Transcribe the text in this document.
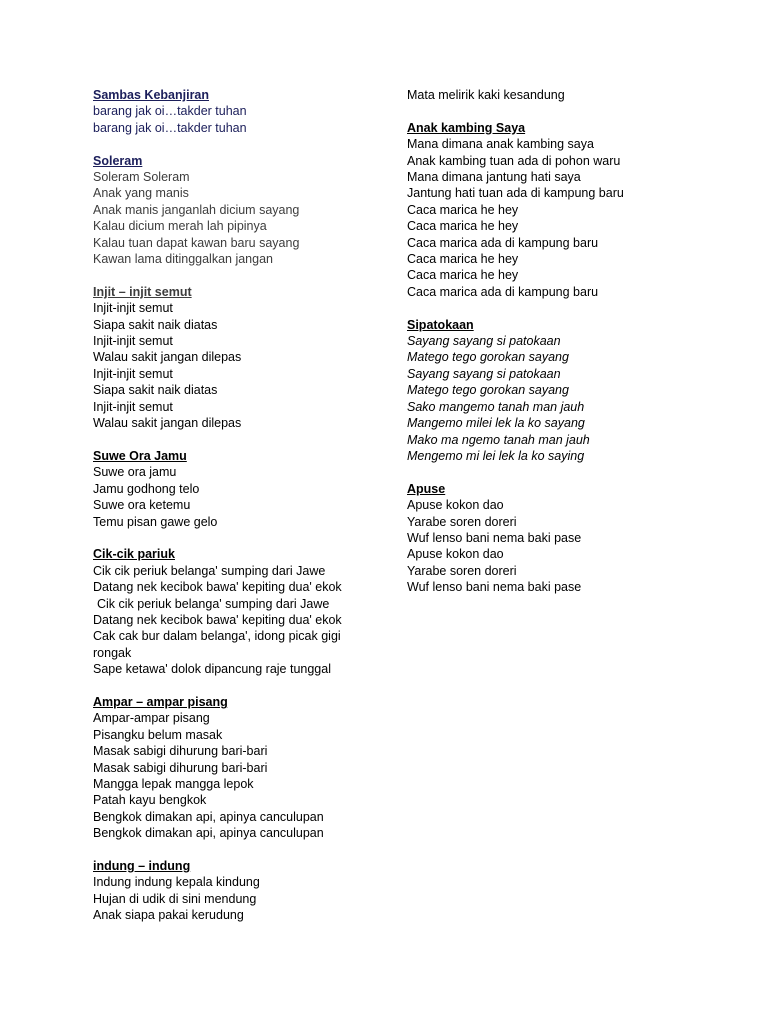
Sambas Kebanjiran
barang jak oi…takder tuhan
barang jak oi…takder tuhan
Soleram
Soleram Soleram
Anak yang manis
Anak manis janganlah dicium sayang
Kalau dicium merah lah pipinya
Kalau tuan dapat kawan baru sayang
Kawan lama ditinggalkan jangan
Injit – injit semut
Injit-injit semut
Siapa sakit naik diatas
Injit-injit semut
Walau sakit jangan dilepas
Injit-injit semut
Siapa sakit naik diatas
Injit-injit semut
Walau sakit jangan dilepas
Suwe Ora Jamu
Suwe ora jamu
Jamu godhong telo
Suwe ora ketemu
Temu pisan gawe gelo
Cik-cik pariuk
Cik cik periuk belanga' sumping dari Jawe
Datang nek kecibok bawa' kepiting dua' ekok
Cik cik periuk belanga' sumping dari Jawe
Datang nek kecibok bawa' kepiting dua' ekok
Cak cak bur dalam belanga', idong picak gigi rongak
Sape ketawa' dolok dipancung raje tunggal
Ampar – ampar pisang
Ampar-ampar pisang
Pisangku belum masak
Masak sabigi dihurung bari-bari
Masak sabigi dihurung bari-bari
Mangga lepak mangga lepok
Patah kayu bengkok
Bengkok dimakan api, apinya canculupan
Bengkok dimakan api, apinya canculupan
indung – indung
Indung indung kepala kindung
Hujan di udik di sini mendung
Anak siapa pakai kerudung
Mata melirik kaki kesandung
Anak kambing Saya
Mana dimana anak kambing saya
Anak kambing tuan ada di pohon waru
Mana dimana jantung hati saya
Jantung hati tuan ada di kampung baru
Caca marica he hey
Caca marica he hey
Caca marica ada di kampung baru
Caca marica he hey
Caca marica he hey
Caca marica ada di kampung baru
Sipatokaan
Sayang sayang si patokaan
Matego tego gorokan sayang
Sayang sayang si patokaan
Matego tego gorokan sayang
Sako mangemo tanah man jauh
Mangemo milei lek la ko sayang
Mako ma ngemo tanah man jauh
Mengemo mi lei lek la ko saying
Apuse
Apuse kokon dao
Yarabe soren doreri
Wuf lenso bani nema baki pase
Apuse kokon dao
Yarabe soren doreri
Wuf lenso bani nema baki pase
